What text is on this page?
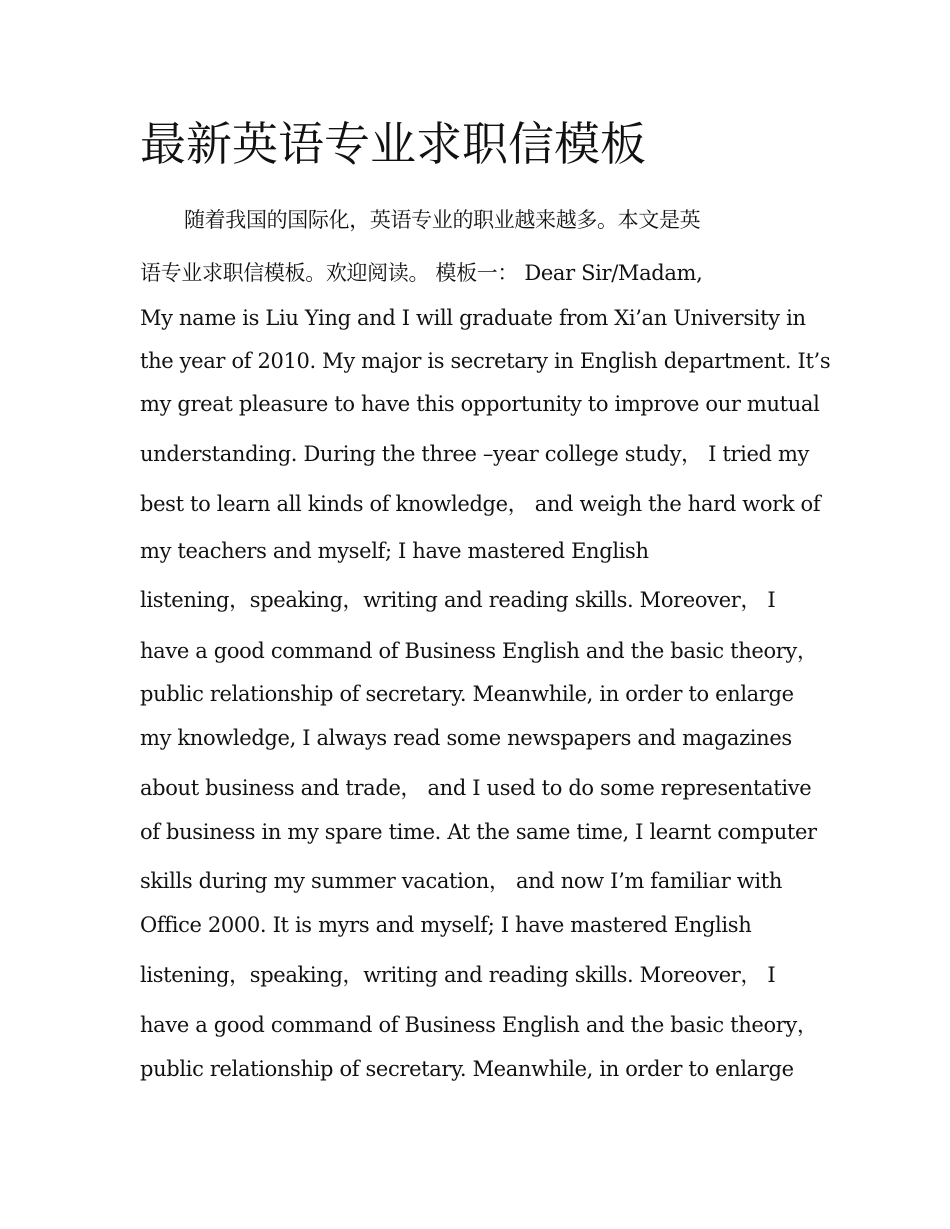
最新英语专业求职信模板
随着我国的国际化，英语专业的职业越来越多。本文是英
语专业求职信模板。欢迎阅读。 模板一： Dear Sir/Madam,
My name is Liu Ying and I will graduate from Xi’an University in
the year of 2010. My major is secretary in English department. It’s
my great pleasure to have this opportunity to improve our mutual
understanding. During the three –year college study， I tried my
best to learn all kinds of knowledge， and weigh the hard work of
my teachers and myself; I have mastered English
listening，speaking，writing and reading skills. Moreover， I
have a good command of Business English and the basic theory，
public relationship of secretary. Meanwhile, in order to enlarge
my knowledge, I always read some newspapers and magazines
about business and trade， and I used to do some representative
of business in my spare time. At the same time, I learnt computer
skills during my summer vacation， and now I’m familiar with
Office 2000. It is myrs and myself; I have mastered English
listening，speaking，writing and reading skills. Moreover， I
have a good command of Business English and the basic theory，
public relationship of secretary. Meanwhile, in order to enlarge
